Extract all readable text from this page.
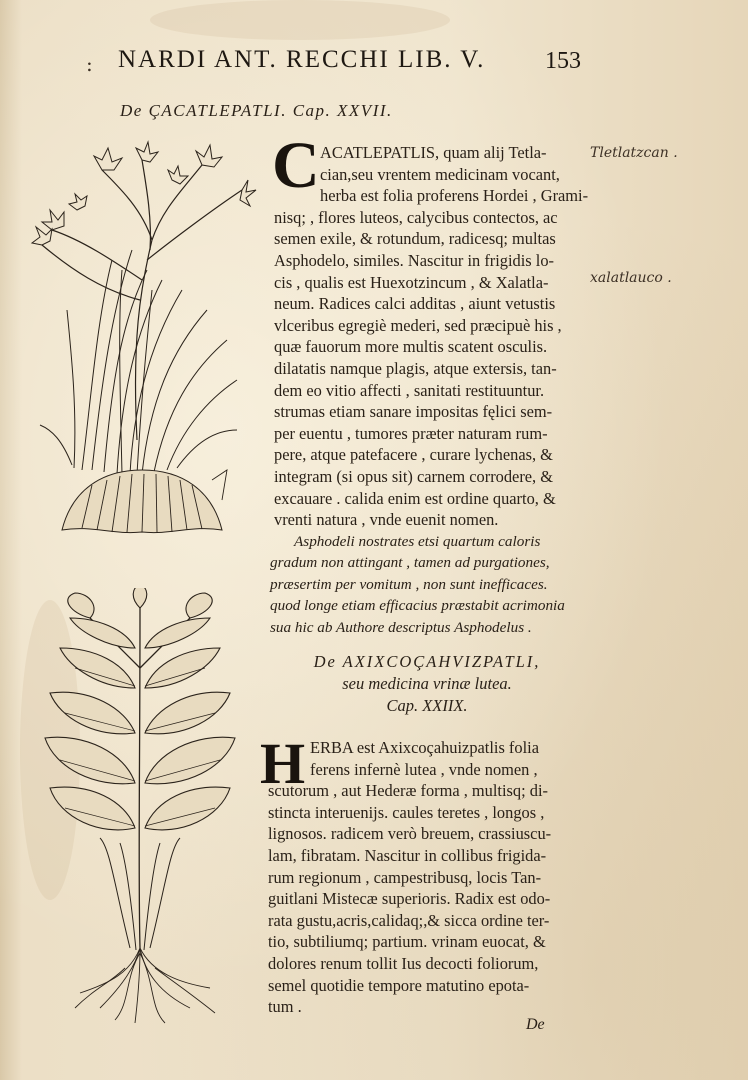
: NARDI ANT. RECCHI LIB. V.	153
De ÇACATLEPATLI. Cap. XXVII.
C ACATLEPATLIS, quam alij Tetla-
cian,seu vrentem medicinam vocant,
herba est folia proferens Hordei , Grami-
nisq; , flores luteos, calycibus contectos, ac
semen exile, & rotundum, radicesq; multas
Asphodelo, similes. Nascitur in frigidis lo-
cis , qualis est Huexotzincum , & Xalatla-
neum. Radices calci additas , aiunt vetustis
vlceribus egregiè mederi, sed præcipuè his ,
quæ fauorum more multis scatent osculis.
dilatatis namque plagis, atque extersis, tan-
dem eo vitio affecti , sanitati restituuntur.
strumas etiam sanare impositas fęlici sem-
per euentu , tumores præter naturam rum-
pere, atque patefacere , curare lychenas, &
integram (si opus sit) carnem corrodere, &
excauare . calida enim est ordine quarto, &
vrenti natura , vnde euenit nomen.
Asphodeli nostrates etsi quartum caloris
gradum non attingant , tamen ad purgationes,
præsertim per vomitum , non sunt inefficaces.
quod longe etiam efficacius præstabit acrimonia
sua hic ab Authore descriptus Asphodelus .
De AXIXCOÇAHVIZPATLI,
seu medicina vrinæ lutea.
Cap. XXIIX.
H ERBA est Axixcoçahuizpatlis folia
ferens infernè lutea , vnde nomen ,
scutorum , aut Hederæ forma , multisq; di-
stincta interuenijs. caules teretes , longos ,
lignosos. radicem verò breuem, crassiuscu-
lam, fibratam. Nascitur in collibus frigida-
rum regionum , campestribusq, locis Tan-
guitlani Mistecæ superioris. Radix est odo-
rata gustu,acris,calidaq;,& sicca ordine ter-
tio, subtiliumq; partium. vrinam euocat, &
dolores renum tollit Ius decocti foliorum,
semel quotidie tempore matutino epota-
tum .
Tletlatzcan .
xalatlauco .
De
